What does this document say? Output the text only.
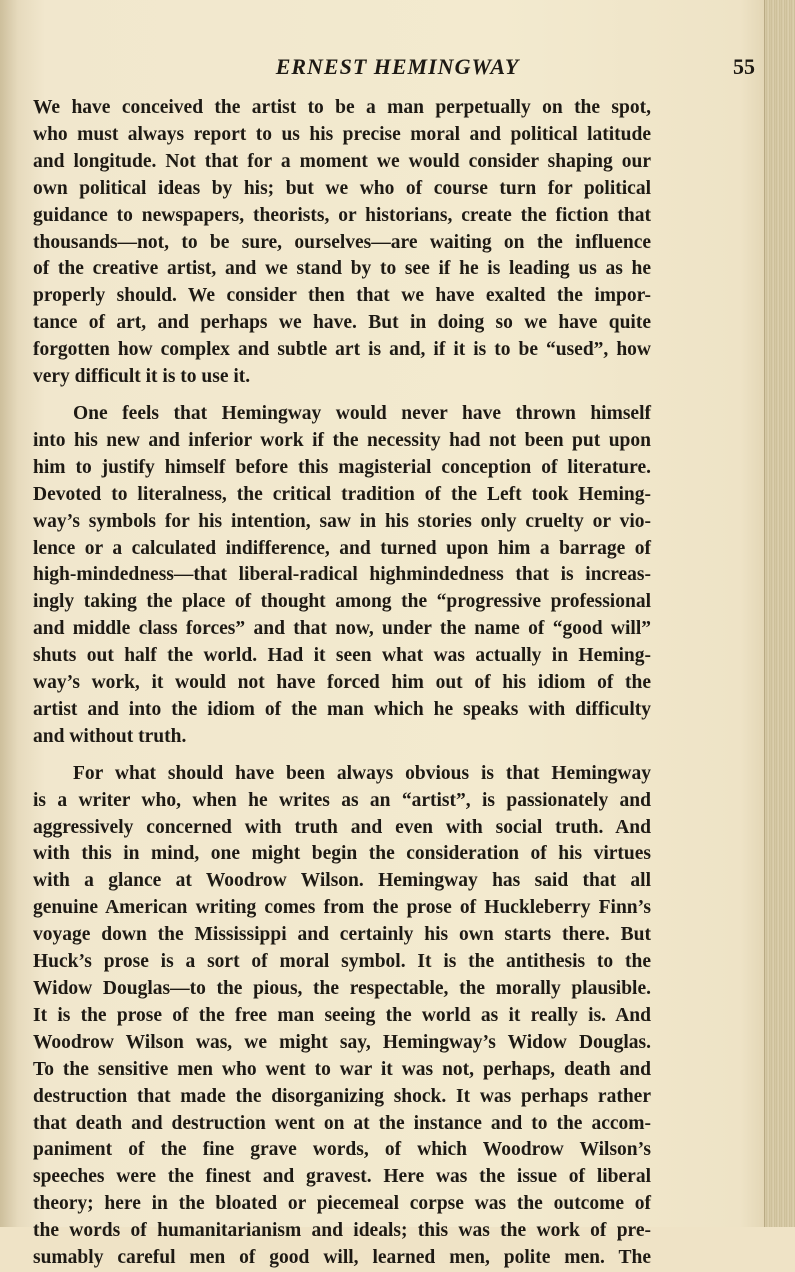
ERNEST HEMINGWAY	55

We have conceived the artist to be a man perpetually on the spot,

who must always report to us his precise moral and political latitude

and longitude. Not that for a moment we would consider shaping our

own political ideas by his; but we who of course turn for political

guidance to newspapers, theorists, or historians, create the fiction that

thousands—not, to be sure, ourselves—are waiting on the influence

of the creative artist, and we stand by to see if he is leading us as he

properly should. We consider then that we have exalted the impor-

tance of art, and perhaps we have. But in doing so we have quite

forgotten how complex and subtle art is and, if it is to be “used”, how

very difficult it is to use it.

One feels that Hemingway would never have thrown himself

into his new and inferior work if the necessity had not been put upon

him to justify himself before this magisterial conception of literature.

Devoted to literalness, the critical tradition of the Left took Heming-

way’s symbols for his intention, saw in his stories only cruelty or vio-

lence or a calculated indifference, and turned upon him a barrage of

high-mindedness—that liberal-radical highmindedness that is increas-

ingly taking the place of thought among the “progressive professional

and middle class forces” and that now, under the name of “good will”

shuts out half the world. Had it seen what was actually in Heming-

way’s work, it would not have forced him out of his idiom of the

artist and into the idiom of the man which he speaks with difficulty

and without truth.

For what should have been always obvious is that Hemingway

is a writer who, when he writes as an “artist”, is passionately and

aggressively concerned with truth and even with social truth. And

with this in mind, one might begin the consideration of his virtues

with a glance at Woodrow Wilson. Hemingway has said that all

genuine American writing comes from the prose of Huckleberry Finn’s

voyage down the Mississippi and certainly his own starts there. But

Huck’s prose is a sort of moral symbol. It is the antithesis to the

Widow Douglas—to the pious, the respectable, the morally plausible.

It is the prose of the free man seeing the world as it really is. And

Woodrow Wilson was, we might say, Hemingway’s Widow Douglas.

To the sensitive men who went to war it was not, perhaps, death and

destruction that made the disorganizing shock. It was perhaps rather

that death and destruction went on at the instance and to the accom-

paniment of the fine grave words, of which Woodrow Wilson’s

speeches were the finest and gravest. Here was the issue of liberal

theory; here in the bloated or piecemeal corpse was the outcome of

the words of humanitarianism and ideals; this was the work of pre-

sumably careful men of good will, learned men, polite men. The
